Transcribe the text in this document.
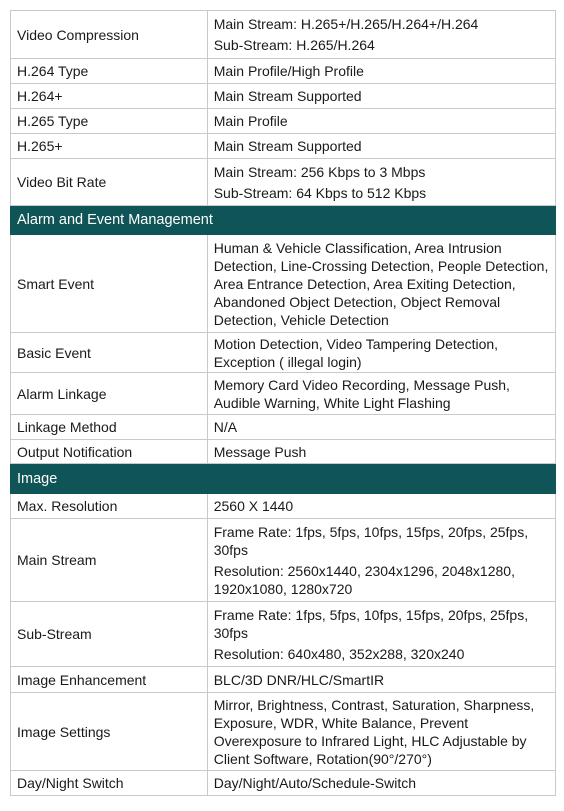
Video Compression	Main Stream: H.265+/H.265/H.264+/H.264
Sub-Stream: H.265/H.264

H.264 Type	Main Profile/High Profile
H.264+	Main Stream Supported
H.265 Type	Main Profile
H.265+	Main Stream Supported
Video Bit Rate	Main Stream: 256 Kbps to 3 Mbps
Sub-Stream: 64 Kbps to 512 Kbps

Alarm and Event Management	
Smart Event	Human & Vehicle Classification, Area Intrusion Detection, Line-Crossing Detection, People Detection, Area Entrance Detection, Area Exiting Detection, Abandoned Object Detection, Object Removal Detection, Vehicle Detection
Basic Event	Motion Detection, Video Tampering Detection, Exception ( illegal login)
Alarm Linkage	Memory Card Video Recording, Message Push, Audible Warning, White Light Flashing
Linkage Method	N/A
Output Notification	Message Push
Image	
Max. Resolution	2560 X 1440
Main Stream	Frame Rate: 1fps, 5fps, 10fps, 15fps, 20fps, 25fps, 30fps
Resolution: 2560x1440, 2304x1296, 2048x1280, 1920x1080, 1280x720

Sub-Stream	Frame Rate: 1fps, 5fps, 10fps, 15fps, 20fps, 25fps, 30fps
Resolution: 640x480, 352x288, 320x240

Image Enhancement	BLC/3D DNR/HLC/SmartIR
Image Settings	Mirror, Brightness, Contrast, Saturation, Sharpness, Exposure, WDR, White Balance, Prevent Overexposure to Infrared Light, HLC Adjustable by Client Software, Rotation(90°/270°)
Day/Night Switch	Day/Night/Auto/Schedule-Switch
